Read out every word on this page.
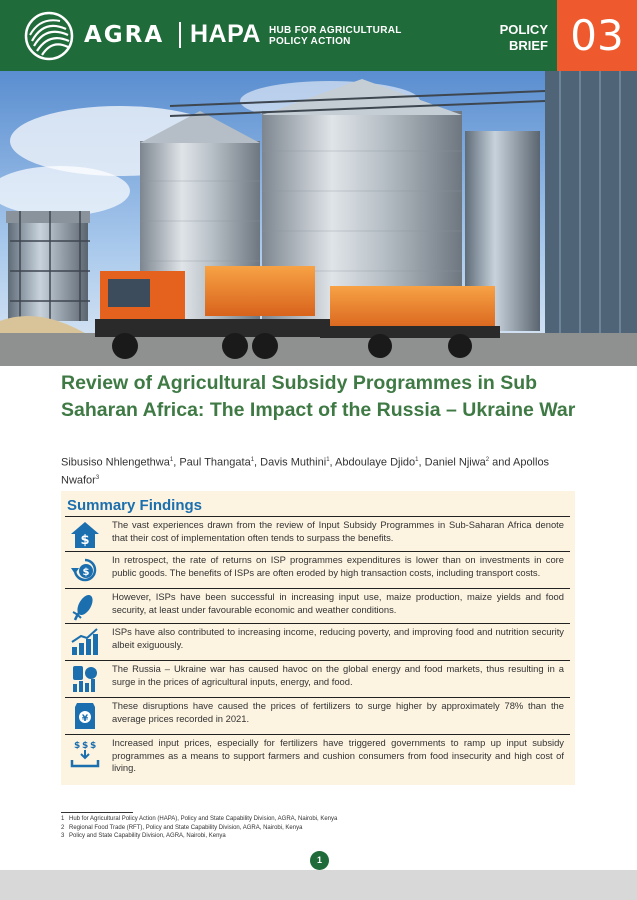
AGRA HAPA HUB FOR AGRICULTURAL
POLICY ACTION
POLICY
BRIEF 03
Review of Agricultural Subsidy Programmes in Sub Saharan Africa: The Impact of the Russia – Ukraine War
Sibusiso Nhlengethwa$^1$, Paul Thangata$^1$, Davis Muthini$^1$, Abdoulaye Djido$^1$, Daniel Njiwa$^2$ and Apollos Nwafor$^3$
Summary Findings
$
The vast experiences drawn from the review of Input Subsidy Programmes in Sub-Saharan Africa denote that their cost of implementation often tends to surpass the benefits.
$
In retrospect, the rate of returns on ISP programmes expenditures is lower than on investments in core public goods. The benefits of ISPs are often eroded by high transaction costs, including transport costs.
However, ISPs have been successful in increasing input use, maize production, maize yields and food security, at least under favourable economic and weather conditions.
ISPs have also contributed to increasing income, reducing poverty, and improving food and nutrition security albeit exiguously.
The Russia – Ukraine war has caused havoc on the global energy and food markets, thus resulting in a surge in the prices of agricultural inputs, energy, and food.
¥
These disruptions have caused the prices of fertilizers to surge higher by approximately 78% than the average prices recorded in 2021.
$ $ $ Increased input prices, especially for fertilizers have triggered governments to ramp up input subsidy programmes as a means to support farmers and cushion consumers from food insecurity and high cost of living.
1 Hub for Agricultural Policy Action (HAPA), Policy and State Capability Division, AGRA, Nairobi, Kenya
2 Regional Food Trade (RFT), Policy and State Capability Division, AGRA, Nairobi, Kenya
3 Policy and State Capability Division, AGRA, Nairobi, Kenya
1
